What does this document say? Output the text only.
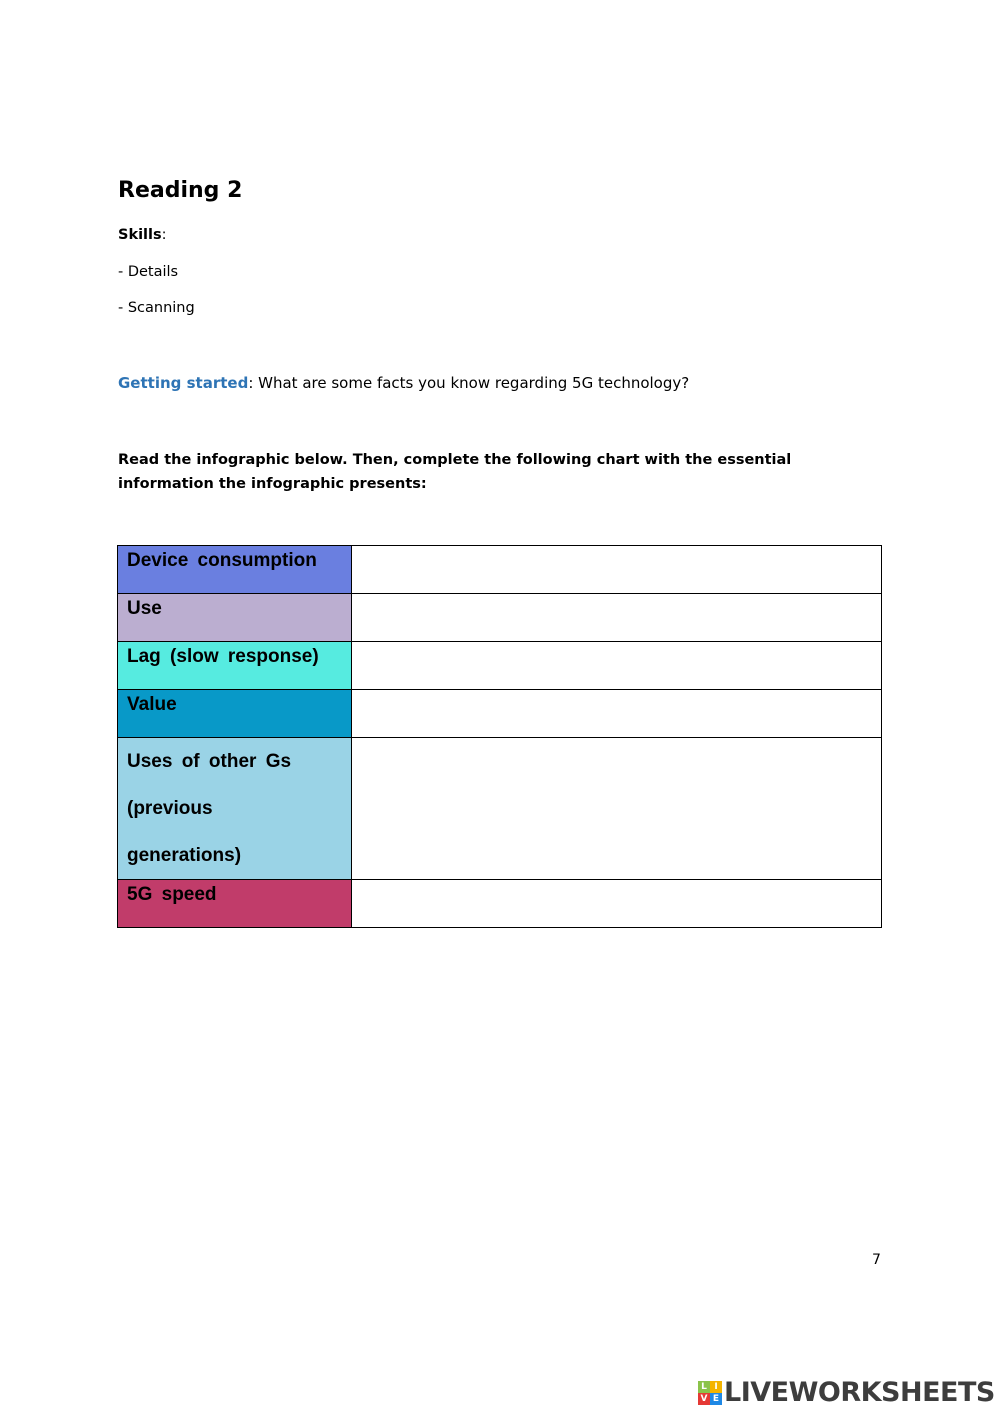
Reading 2
Skills:
- Details
- Scanning
Getting started: What are some facts you know regarding 5G technology?

Read the infographic below. Then, complete the following chart with the essential information the infographic presents:

Device consumption	
Use	
Lag (slow response)	
Value	

Uses of other Gs
(previous
generations)	

5G speed	
7
L I
V E LIVEWORKSHEETS
